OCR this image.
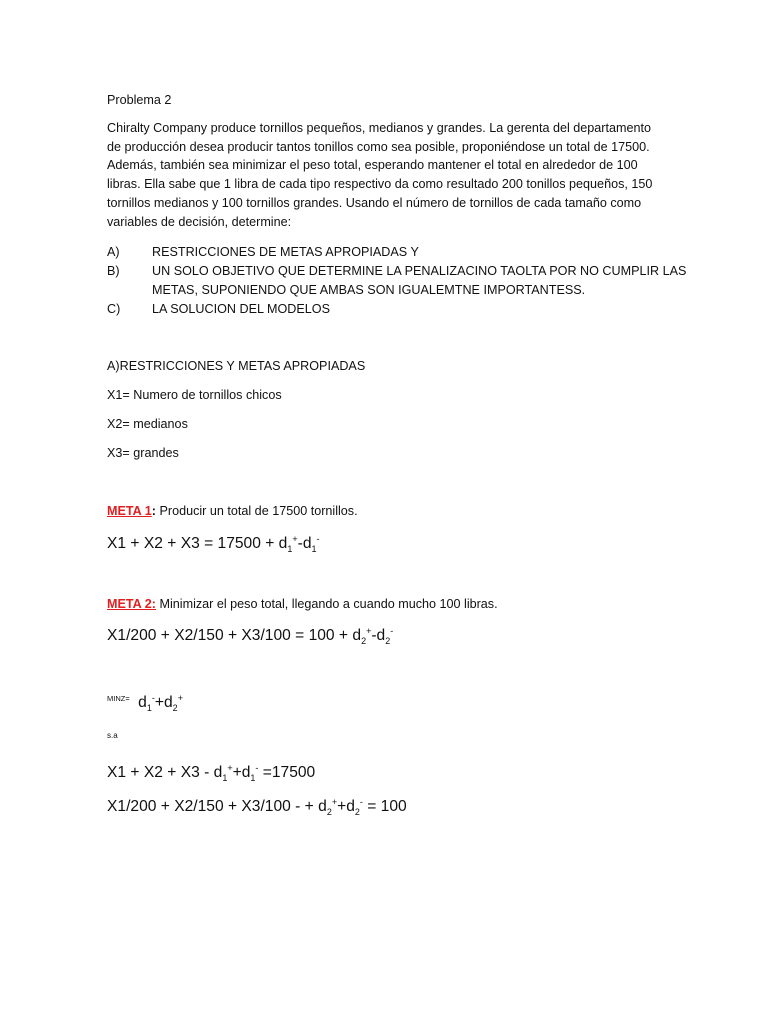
Problema 2
Chiralty Company produce tornillos pequeños, medianos y grandes. La gerenta del departamento
de producción desea producir tantos tonillos como sea posible, proponiéndose un total de 17500.
Además, también sea minimizar el peso total, esperando mantener el total en alrededor de 100
libras. Ella sabe que 1 libra de cada tipo respectivo da como resultado 200 tonillos pequeños, 150
tornillos medianos y 100 tornillos grandes. Usando el número de tornillos de cada tamaño como
variables de decisión, determine:
A)	RESTRICCIONES DE METAS APROPIADAS Y
B)	UN SOLO OBJETIVO QUE DETERMINE LA PENALIZACINO TAOLTA POR NO CUMPLIR LAS
METAS, SUPONIENDO QUE AMBAS SON IGUALEMTNE IMPORTANTESS.
C)	LA SOLUCION DEL MODELOS
A)RESTRICCIONES Y METAS APROPIADAS
X1= Numero de tornillos chicos
X2= medianos
X3= grandes
META 1: Producir un total de 17500 tornillos.
$X1 + X2 + X3 = 17500 + d_1^+-d_1^-$
META 2: Minimizar el peso total, llegando a cuando mucho 100 libras.
$X1/200 + X2/150 + X3/100 = 100 + d_2^+-d_2^-$
$^{MINZ=}$ $d_1^-+d_2^+$
s.a
$X1 + X2 + X3 - d_1^++d_1^- =17500$
X1/200 + X2/150 + X3/100 - + $d_2^++d_2^- = 100$
